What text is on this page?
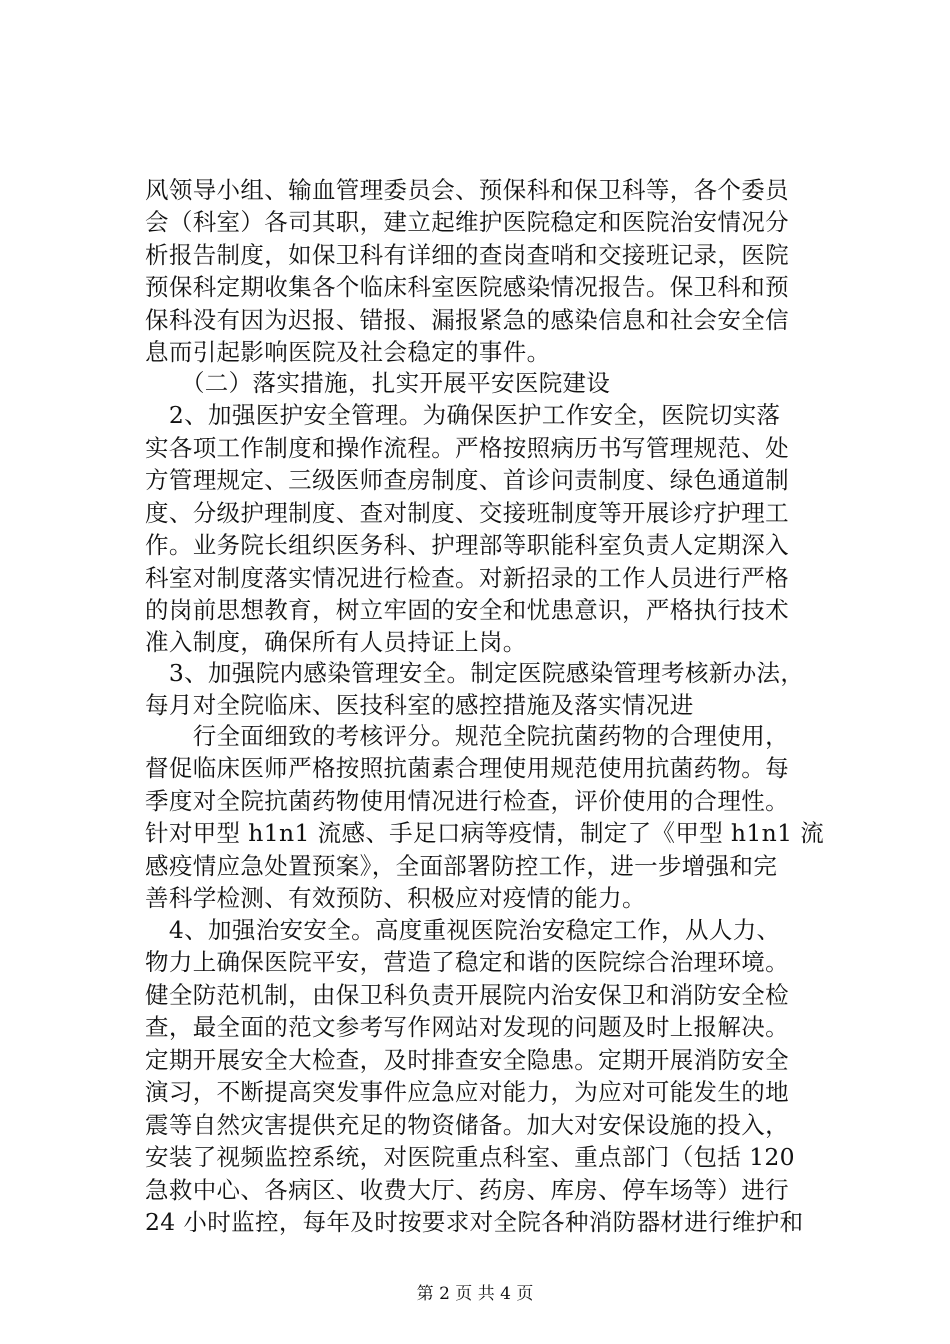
风领导小组、输血管理委员会、预保科和保卫科等，各个委员
会（科室）各司其职，建立起维护医院稳定和医院治安情况分
析报告制度，如保卫科有详细的查岗查哨和交接班记录，医院
预保科定期收集各个临床科室医院感染情况报告。保卫科和预
保科没有因为迟报、错报、漏报紧急的感染信息和社会安全信
息而引起影响医院及社会稳定的事件。
　　（二）落实措施，扎实开展平安医院建设
　2、加强医护安全管理。为确保医护工作安全，医院切实落
实各项工作制度和操作流程。严格按照病历书写管理规范、处
方管理规定、三级医师查房制度、首诊问责制度、绿色通道制
度、分级护理制度、查对制度、交接班制度等开展诊疗护理工
作。业务院长组织医务科、护理部等职能科室负责人定期深入
科室对制度落实情况进行检查。对新招录的工作人员进行严格
的岗前思想教育，树立牢固的安全和忧患意识，严格执行技术
准入制度，确保所有人员持证上岗。
　3、加强院内感染管理安全。制定医院感染管理考核新办法，
每月对全院临床、医技科室的感控措施及落实情况进
　　行全面细致的考核评分。规范全院抗菌药物的合理使用，
督促临床医师严格按照抗菌素合理使用规范使用抗菌药物。每
季度对全院抗菌药物使用情况进行检查，评价使用的合理性。
针对甲型 h1n1 流感、手足口病等疫情，制定了《甲型 h1n1 流
感疫情应急处置预案》，全面部署防控工作，进一步增强和完
善科学检测、有效预防、积极应对疫情的能力。
　4、加强治安安全。高度重视医院治安稳定工作，从人力、
物力上确保医院平安，营造了稳定和谐的医院综合治理环境。
健全防范机制，由保卫科负责开展院内治安保卫和消防安全检
查，最全面的范文参考写作网站对发现的问题及时上报解决。
定期开展安全大检查，及时排查安全隐患。定期开展消防安全
演习，不断提高突发事件应急应对能力，为应对可能发生的地
震等自然灾害提供充足的物资储备。加大对安保设施的投入，
安装了视频监控系统，对医院重点科室、重点部门（包括 120
急救中心、各病区、收费大厅、药房、库房、停车场等）进行
24 小时监控，每年及时按要求对全院各种消防器材进行维护和
第 2 页 共 4 页
